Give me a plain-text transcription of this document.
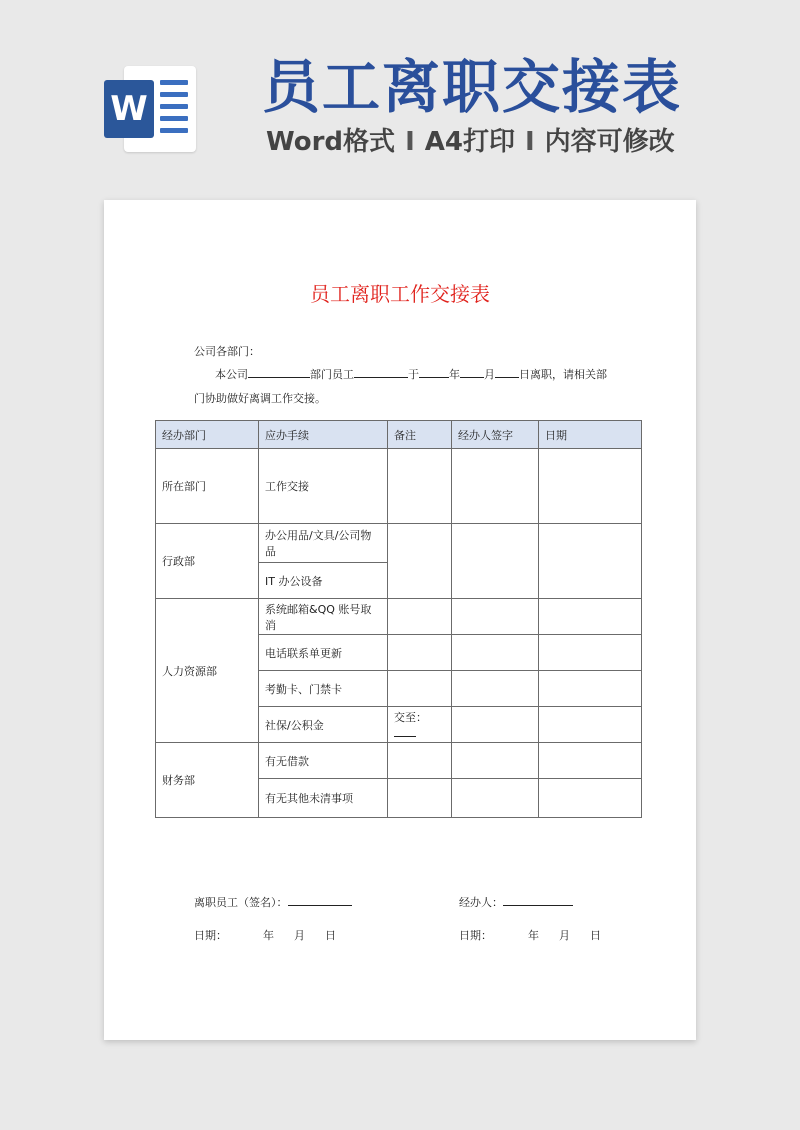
W 员工离职交接表
Word格式 I A4打印 I 内容可修改
员工离职工作交接表
公司各部门：
本公司	部门员工	于	年 月 日离职，请相关部
门协助做好离调工作交接。
经办部门	应办手续	备注	经办人签字	日期
所在部门	工作交接			
行政部	办公用品/文具/公司物品			
	IT 办公设备			
人力资源部	系统邮箱&QQ 账号取消			
	电话联系单更新			
	考勤卡、门禁卡			
	社保/公积金	交至：		
财务部	有无借款			
	有无其他未清事项			
离职员工（签名）：	经办人：
日期：	年 月 日	日期：	年 月 日
